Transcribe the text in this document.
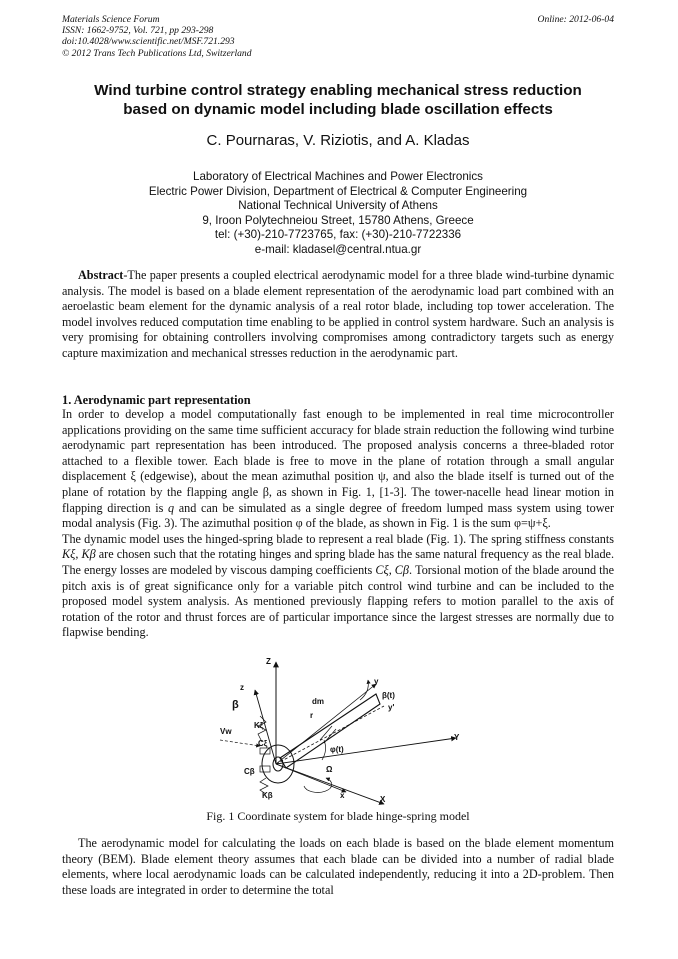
Materials Science Forum
ISSN: 1662-9752, Vol. 721, pp 293-298
doi:10.4028/www.scientific.net/MSF.721.293
© 2012 Trans Tech Publications Ltd, Switzerland
Online: 2012-06-04
Wind turbine control strategy enabling mechanical stress reduction
based on dynamic model including blade oscillation effects
C. Pournaras, V. Riziotis, and A. Kladas
Laboratory of Electrical Machines and Power Electronics
Electric Power Division, Department of Electrical & Computer Engineering
National Technical University of Athens
9, Iroon Polytechneiou Street, 15780 Athens, Greece
tel: (+30)-210-7723765, fax: (+30)-210-7722336
e-mail: kladasel@central.ntua.gr
Abstract-The paper presents a coupled electrical aerodynamic model for a three blade wind-turbine dynamic analysis. The model is based on a blade element representation of the aerodynamic load part combined with an aeroelastic beam element for the dynamic analysis of a real rotor blade, including top tower acceleration. The model involves reduced computation time enabling to be applied in control system hardware. Such an analysis is very promising for obtaining controllers involving compromises among contradictory targets such as energy capture maximization and mechanical stresses reduction in the aerodynamic part.
1. Aerodynamic part representation
In order to develop a model computationally fast enough to be implemented in real time microcontroller applications providing on the same time sufficient accuracy for blade strain reduction the following wind turbine aerodynamic part representation has been introduced. The proposed analysis concerns a three-bladed rotor attached to a flexible tower. Each blade is free to move in the plane of rotation through a small angular displacement ξ (edgewise), about the mean azimuthal position ψ, and also the blade itself is turned out of the plane of rotation by the flapping angle β, as shown in Fig. 1, [1-3]. The tower-nacelle head linear motion in flapping direction is q and can be simulated as a single degree of freedom lumped mass system using tower modal analysis (Fig. 3). The azimuthal position φ of the blade, as shown in Fig. 1 is the sum φ=ψ+ξ.
The dynamic model uses the hinged-spring blade to represent a real blade (Fig. 1). The spring stiffness constants Kξ, Kβ are chosen such that the rotating hinges and spring blade has the same natural frequency as the real blade. The energy losses are modeled by viscous damping coefficients Cξ, Cβ. Torsional motion of the blade around the pitch axis is of great significance only for a variable pitch control wind turbine and can be included to the proposed model system analysis. As mentioned previously flapping refers to motion parallel to the axis of rotation of the rotor and thrust forces are of particular importance since the largest stresses are normally due to flapwise bending.
Z
z
β	dm
y
β(t)
y'
Vw
Kξ
r
Cξ
φ(t)
Y
Cβ	Ω
Kβ	x	X
Fig. 1 Coordinate system for blade hinge-spring model
The aerodynamic model for calculating the loads on each blade is based on the blade element momentum theory (BEM). Blade element theory assumes that each blade can be divided into a number of radial blade elements, where local aerodynamic loads can be calculated independently, reducing it into a 2D-problem. Then these loads are integrated in order to determine the total
